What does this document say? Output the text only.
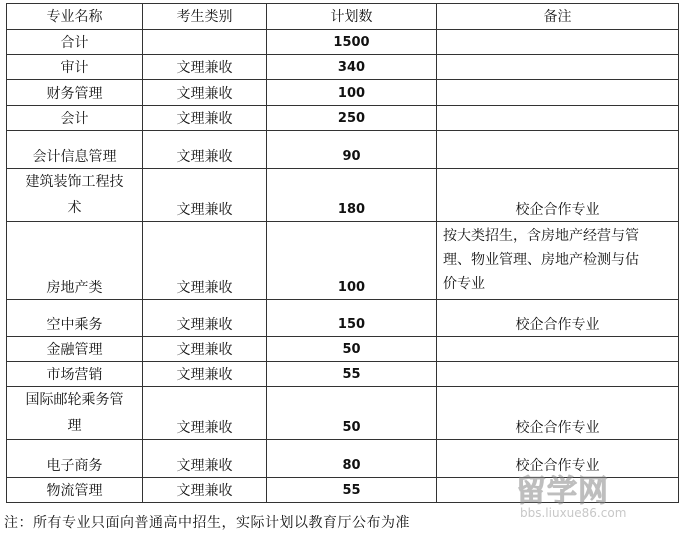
专业名称	考生类别	计划数	备注
合计		1500	
审计	文理兼收	340	
财务管理	文理兼收	100	
会计	文理兼收	250	
会计信息管理	文理兼收	90	

建筑装饰工程技
术	文理兼收	180	校企合作专业
房地产类	文理兼收	100	按大类招生，含房地产经营与管
理、物业管理、房地产检测与估
价专业

空中乘务	文理兼收	150	校企合作专业
金融管理	文理兼收	50	
市场营销	文理兼收	55	

国际邮轮乘务管
理	文理兼收	50	校企合作专业
电子商务	文理兼收	80	校企合作专业
物流管理	文理兼收	55	
注：所有专业只面向普通高中招生，实际计划以教育厅公布为准
留学网
bbs.liuxue86.com
